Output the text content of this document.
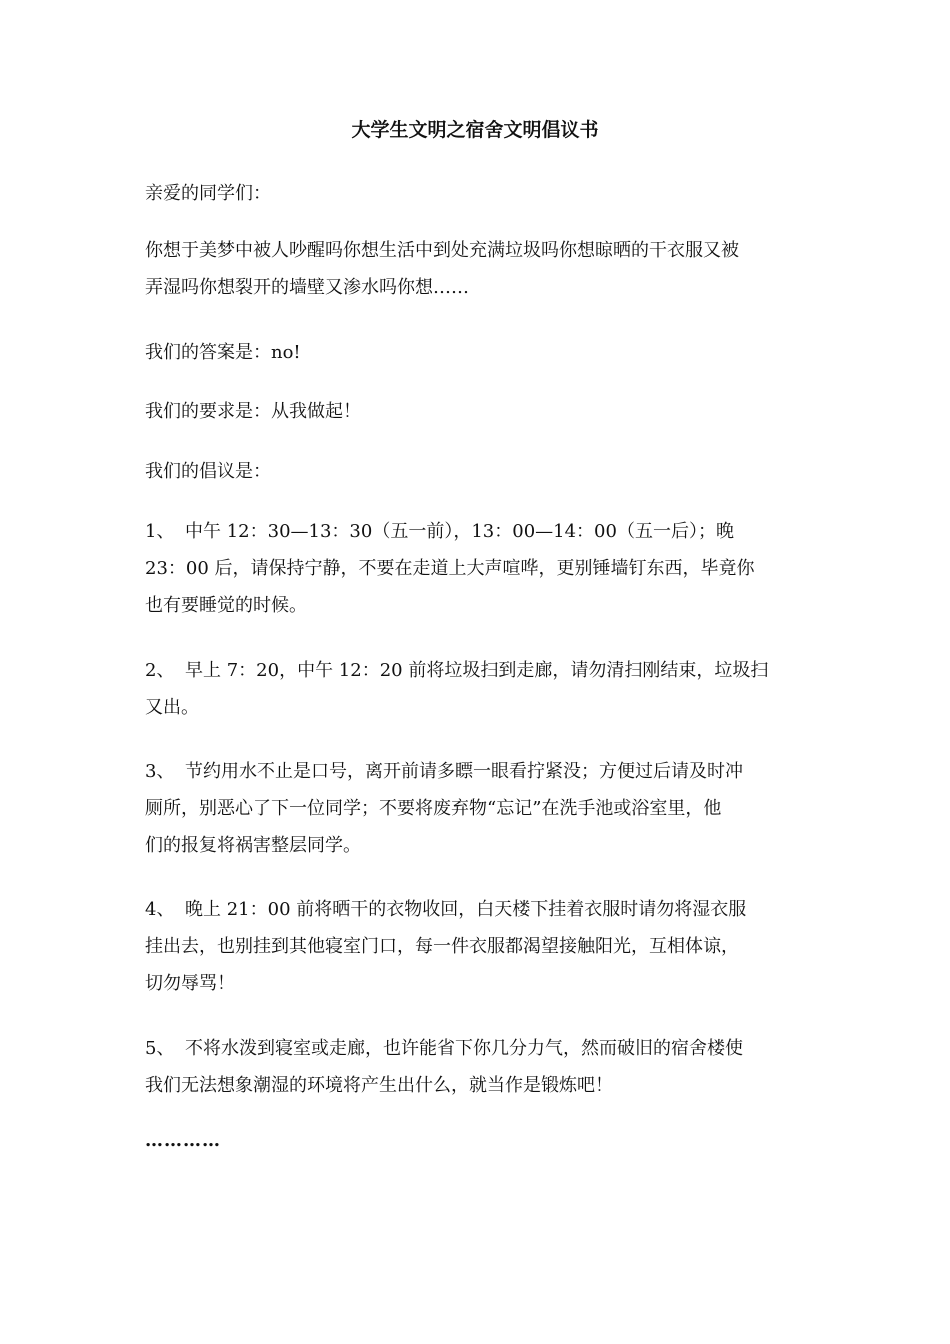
大学生文明之宿舍文明倡议书
亲爱的同学们：
你想于美梦中被人吵醒吗你想生活中到处充满垃圾吗你想晾晒的干衣服又被
弄湿吗你想裂开的墙壁又渗水吗你想……
我们的答案是：no!
我们的要求是：从我做起！
我们的倡议是：
1、 中午 12：30—13：30（五一前），13：00—14：00（五一后）；晚
23：00 后，请保持宁静，不要在走道上大声喧哗，更别锤墙钉东西，毕竟你
也有要睡觉的时候。
2、 早上 7：20，中午 12：20 前将垃圾扫到走廊，请勿清扫刚结束，垃圾扫
又出。
3、 节约用水不止是口号，离开前请多瞟一眼看拧紧没；方便过后请及时冲
厕所，别恶心了下一位同学；不要将废弃物“忘记”在洗手池或浴室里，他
们的报复将祸害整层同学。
4、 晚上 21：00 前将晒干的衣物收回，白天楼下挂着衣服时请勿将湿衣服
挂出去，也别挂到其他寝室门口，每一件衣服都渴望接触阳光，互相体谅，
切勿辱骂！
5、 不将水泼到寝室或走廊，也许能省下你几分力气，然而破旧的宿舍楼使
我们无法想象潮湿的环境将产生出什么，就当作是锻炼吧！
…………
